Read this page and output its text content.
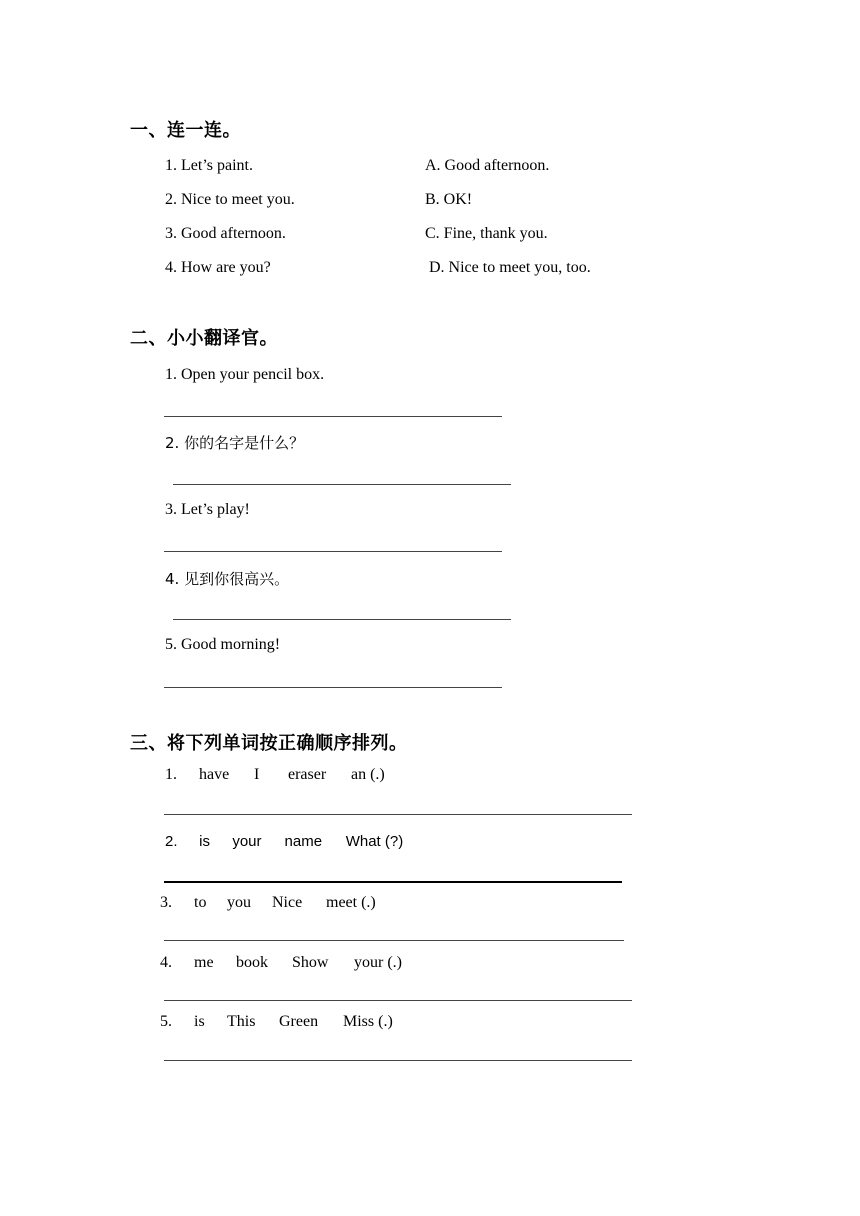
一、连一连。
1. Let’s paint.
2. Nice to meet you.
3. Good afternoon.
4. How are you?
A. Good afternoon.
B. OK!
C. Fine, thank you.
D. Nice to meet you, too.
二、小小翻译官。
1. Open your pencil box.
2. 你的名字是什么？
3. Let’s play!
4. 见到你很高兴。
5. Good morning!
三、将下列单词按正确顺序排列。
1. have I eraser an (.)
2. is your name What (?)
3. to you Nice meet (.)
4. me book Show your (.)
5. is This Green Miss (.)
